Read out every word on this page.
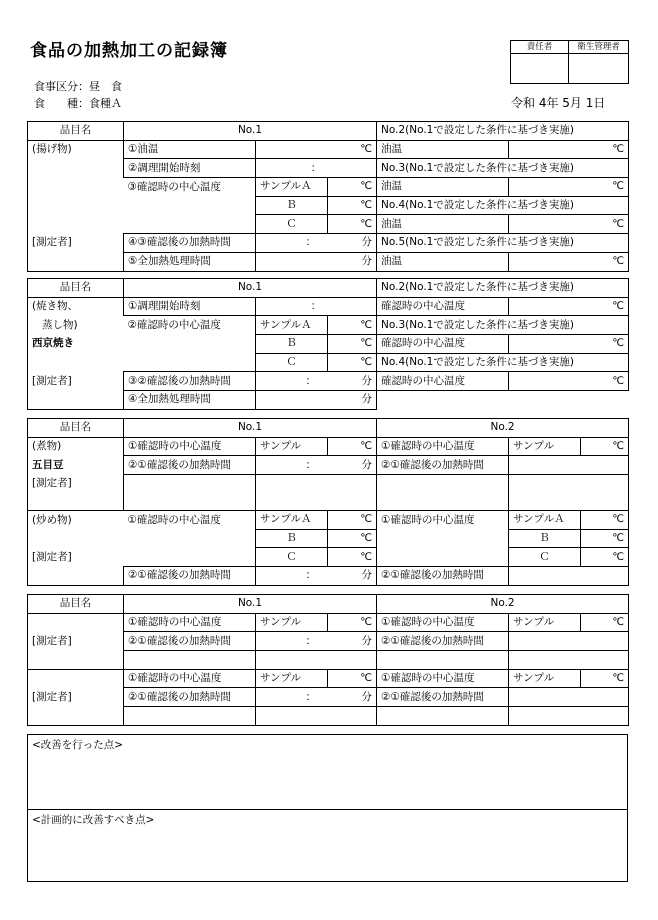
食品の加熱加工の記録簿	責任者	衛生管理者

食事区分：昼　食
食　　種：食種Ａ	令和 4年 5月 1日
品目名	No.1			No.2(No.1で設定した条件に基づき実施)	
(揚げ物)	①油温	℃		油温	℃
	②調理開始時刻	：		No.3(No.1で設定した条件に基づき実施)	
	③確認時の中心温度	サンプルＡ	℃	油温	℃
		Ｂ	℃	No.4(No.1で設定した条件に基づき実施)	
		Ｃ	℃	油温	℃
[測定者]	④③確認後の加熱時間	： 分		No.5(No.1で設定した条件に基づき実施)	
	⑤全加熱処理時間	分		油温	℃
品目名	No.1			No.2(No.1で設定した条件に基づき実施)	
(焼き物、	①調理開始時刻	：		確認時の中心温度	℃
蒸し物)	②確認時の中心温度	サンプルＡ	℃	No.3(No.1で設定した条件に基づき実施)	
西京焼き		Ｂ	℃	確認時の中心温度	℃
		Ｃ	℃	No.4(No.1で設定した条件に基づき実施)	
[測定者]	③②確認後の加熱時間	： 分		確認時の中心温度	℃
	④全加熱処理時間	分			
品目名	No.1			No.2		
(煮物)	①確認時の中心温度	サンプル	℃	①確認時の中心温度	サンプル	℃
五目豆	②①確認後の加熱時間	： 分		②①確認後の加熱時間		
[測定者]						
(炒め物)	①確認時の中心温度	サンプルＡ	℃	①確認時の中心温度	サンプルＡ	℃
		Ｂ	℃		Ｂ	℃
[測定者]		Ｃ	℃		Ｃ	℃
	②①確認後の加熱時間	： 分		②①確認後の加熱時間		
品目名	No.1			No.2		
	①確認時の中心温度	サンプル	℃	①確認時の中心温度	サンプル	℃
[測定者]	②①確認後の加熱時間	： 分		②①確認後の加熱時間		

	①確認時の中心温度	サンプル	℃	①確認時の中心温度	サンプル	℃
[測定者]	②①確認後の加熱時間	： 分		②①確認後の加熱時間		

<改善を行った点>
<計画的に改善すべき点>
